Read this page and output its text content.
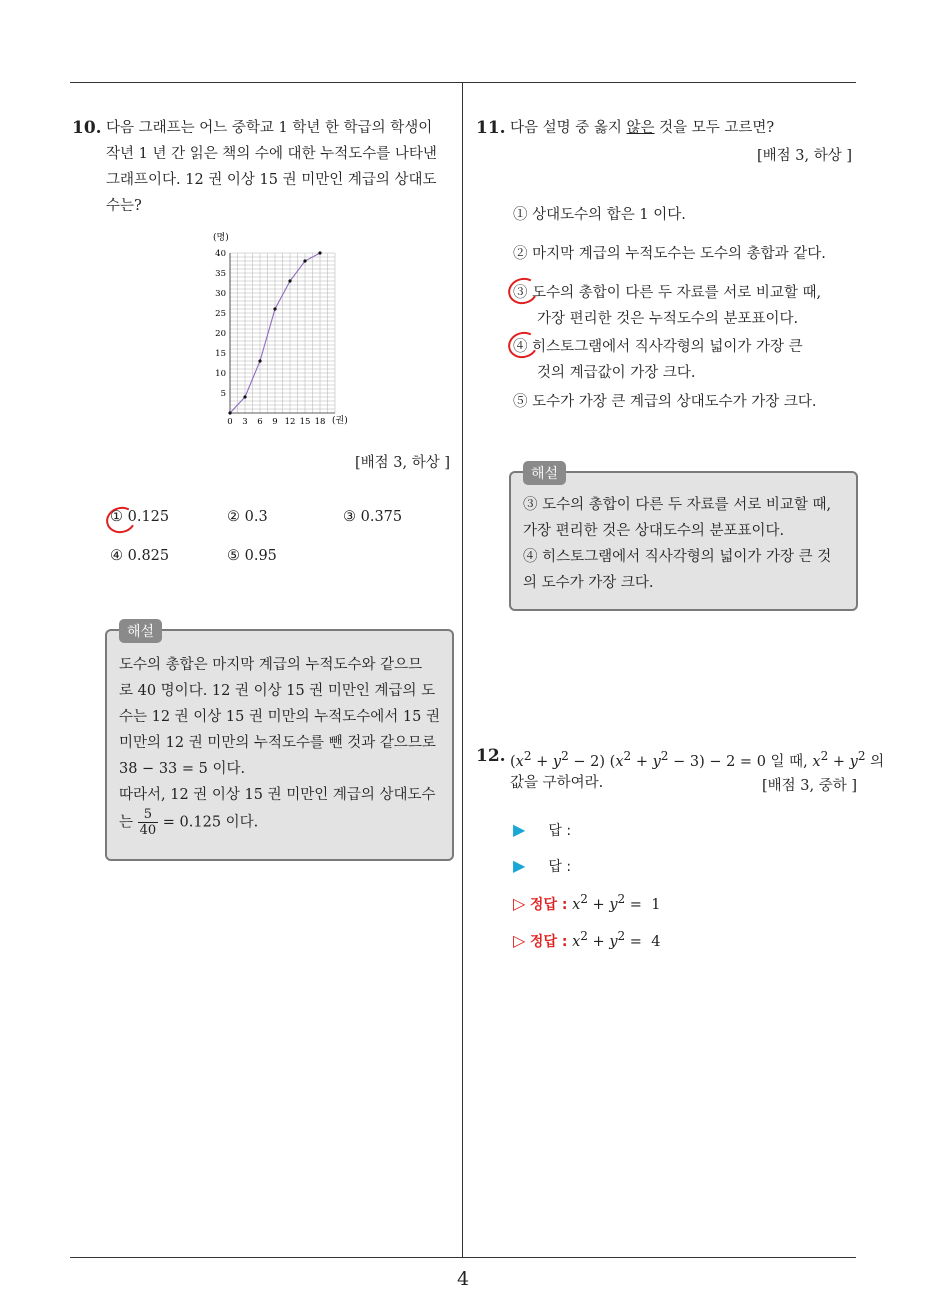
10. 다음 그래프는 어느 중학교 1 학년 한 학급의 학생이
작년 1 년 간 읽은 책의 수에 대한 누적도수를 나타낸
그래프이다. 12 권 이상 15 권 미만인 계급의 상대도
수는?
0 3 6 9 12 15 18
5
10
15
20
25
30
35
40
(명)
(권)
[배점 3, 하상 ]
① 0.125	② 0.3	③ 0.375
④ 0.825	⑤ 0.95
해설
도수의 총합은 마지막 계급의 누적도수와 같으므
로 40 명이다. 12 권 이상 15 권 미만인 계급의 도
수는 12 권 이상 15 권 미만의 누적도수에서 15 권
미만의 12 권 미만의 누적도수를 뺀 것과 같으므로
38 − 33 = 5 이다.
따라서, 12 권 이상 15 권 미만인 계급의 상대도수
는 $\frac{5}{40} = 0.125$ 이다.
11. 다음 설명 중 옳지 않은 것을 모두 고르면?
[배점 3, 하상 ]
① 상대도수의 합은 1 이다.
② 마지막 계급의 누적도수는 도수의 총합과 같다.
③ 도수의 총합이 다른 두 자료를 서로 비교할 때,
가장 편리한 것은 누적도수의 분포표이다.
④ 히스토그램에서 직사각형의 넓이가 가장 큰
것의 계급값이 가장 크다.
⑤ 도수가 가장 큰 계급의 상대도수가 가장 크다.
해설
③ 도수의 총합이 다른 두 자료를 서로 비교할 때,
가장 편리한 것은 상대도수의 분포표이다.
④ 히스토그램에서 직사각형의 넓이가 가장 큰 것
의 도수가 가장 크다.
12. $(x^2 + y^2 - 2) (x^2 + y^2 - 3) - 2 = 0$ 일 때, $x^2 + y^2$ 의
값을 구하여라.	[배점 3, 중하 ]
▶ 답 :
▶ 답 :
▷ 정답 : $x^2 + y^2 = 1$
▷ 정답 : $x^2 + y^2 = 4$
4
